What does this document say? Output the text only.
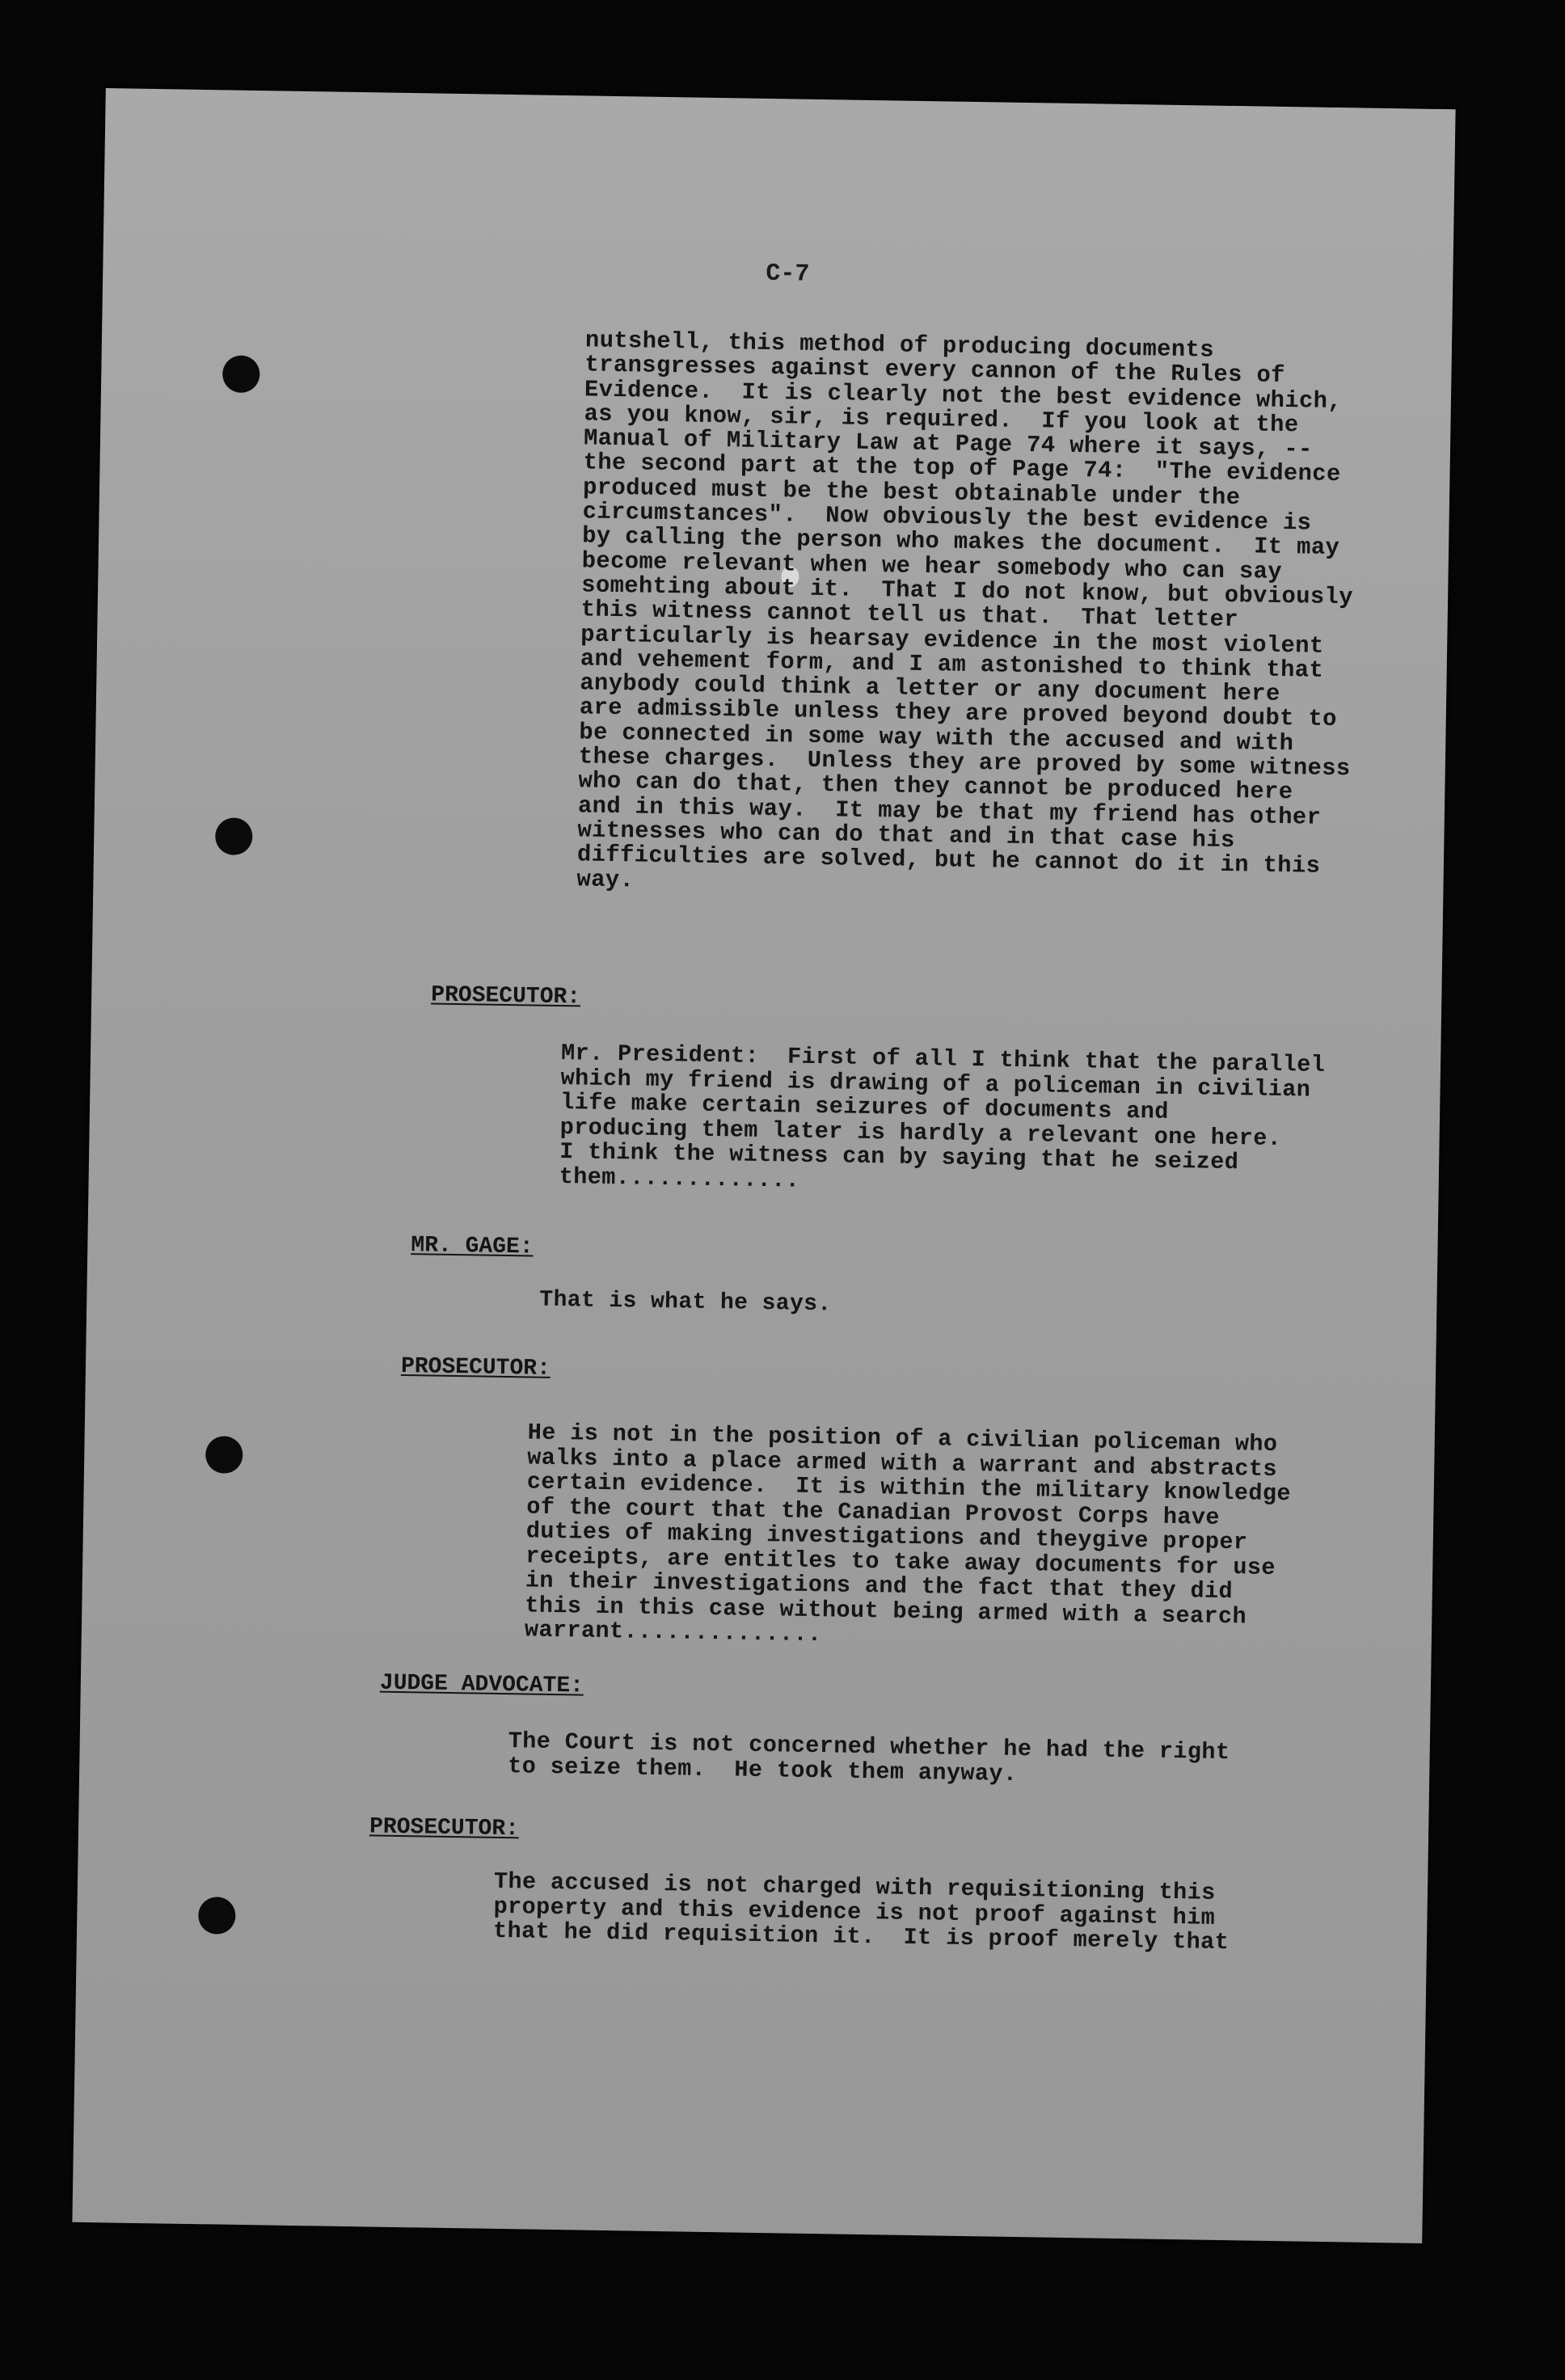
C-7

nutshell, this method of producing documents
transgresses against every cannon of the Rules of
Evidence.  It is clearly not the best evidence which,
as you know, sir, is required.  If you look at the
Manual of Military Law at Page 74 where it says, --
the second part at the top of Page 74:  "The evidence
produced must be the best obtainable under the
circumstances".  Now obviously the best evidence is
by calling the person who makes the document.  It may
become relevant when we hear somebody who can say
somehting about it.  That I do not know, but obviously
this witness cannot tell us that.  That letter
particularly is hearsay evidence in the most violent
and vehement form, and I am astonished to think that
anybody could think a letter or any document here
are admissible unless they are proved beyond doubt to
be connected in some way with the accused and with
these charges.  Unless they are proved by some witness
who can do that, then they cannot be produced here
and in this way.  It may be that my friend has other
witnesses who can do that and in that case his
difficulties are solved, but he cannot do it in this
way.

PROSECUTOR:

Mr. President:  First of all I think that the parallel
which my friend is drawing of a policeman in civilian
life make certain seizures of documents and
producing them later is hardly a relevant one here.
I think the witness can by saying that he seized
them.............

MR. GAGE:

That is what he says.

PROSECUTOR:

He is not in the position of a civilian policeman who
walks into a place armed with a warrant and abstracts
certain evidence.  It is within the military knowledge
of the court that the Canadian Provost Corps have
duties of making investigations and theygive proper
receipts, are entitles to take away documents for use
in their investigations and the fact that they did
this in this case without being armed with a search
warrant..............

JUDGE ADVOCATE:

The Court is not concerned whether he had the right
to seize them.  He took them anyway.

PROSECUTOR:

The accused is not charged with requisitioning this
property and this evidence is not proof against him
that he did requisition it.  It is proof merely that
